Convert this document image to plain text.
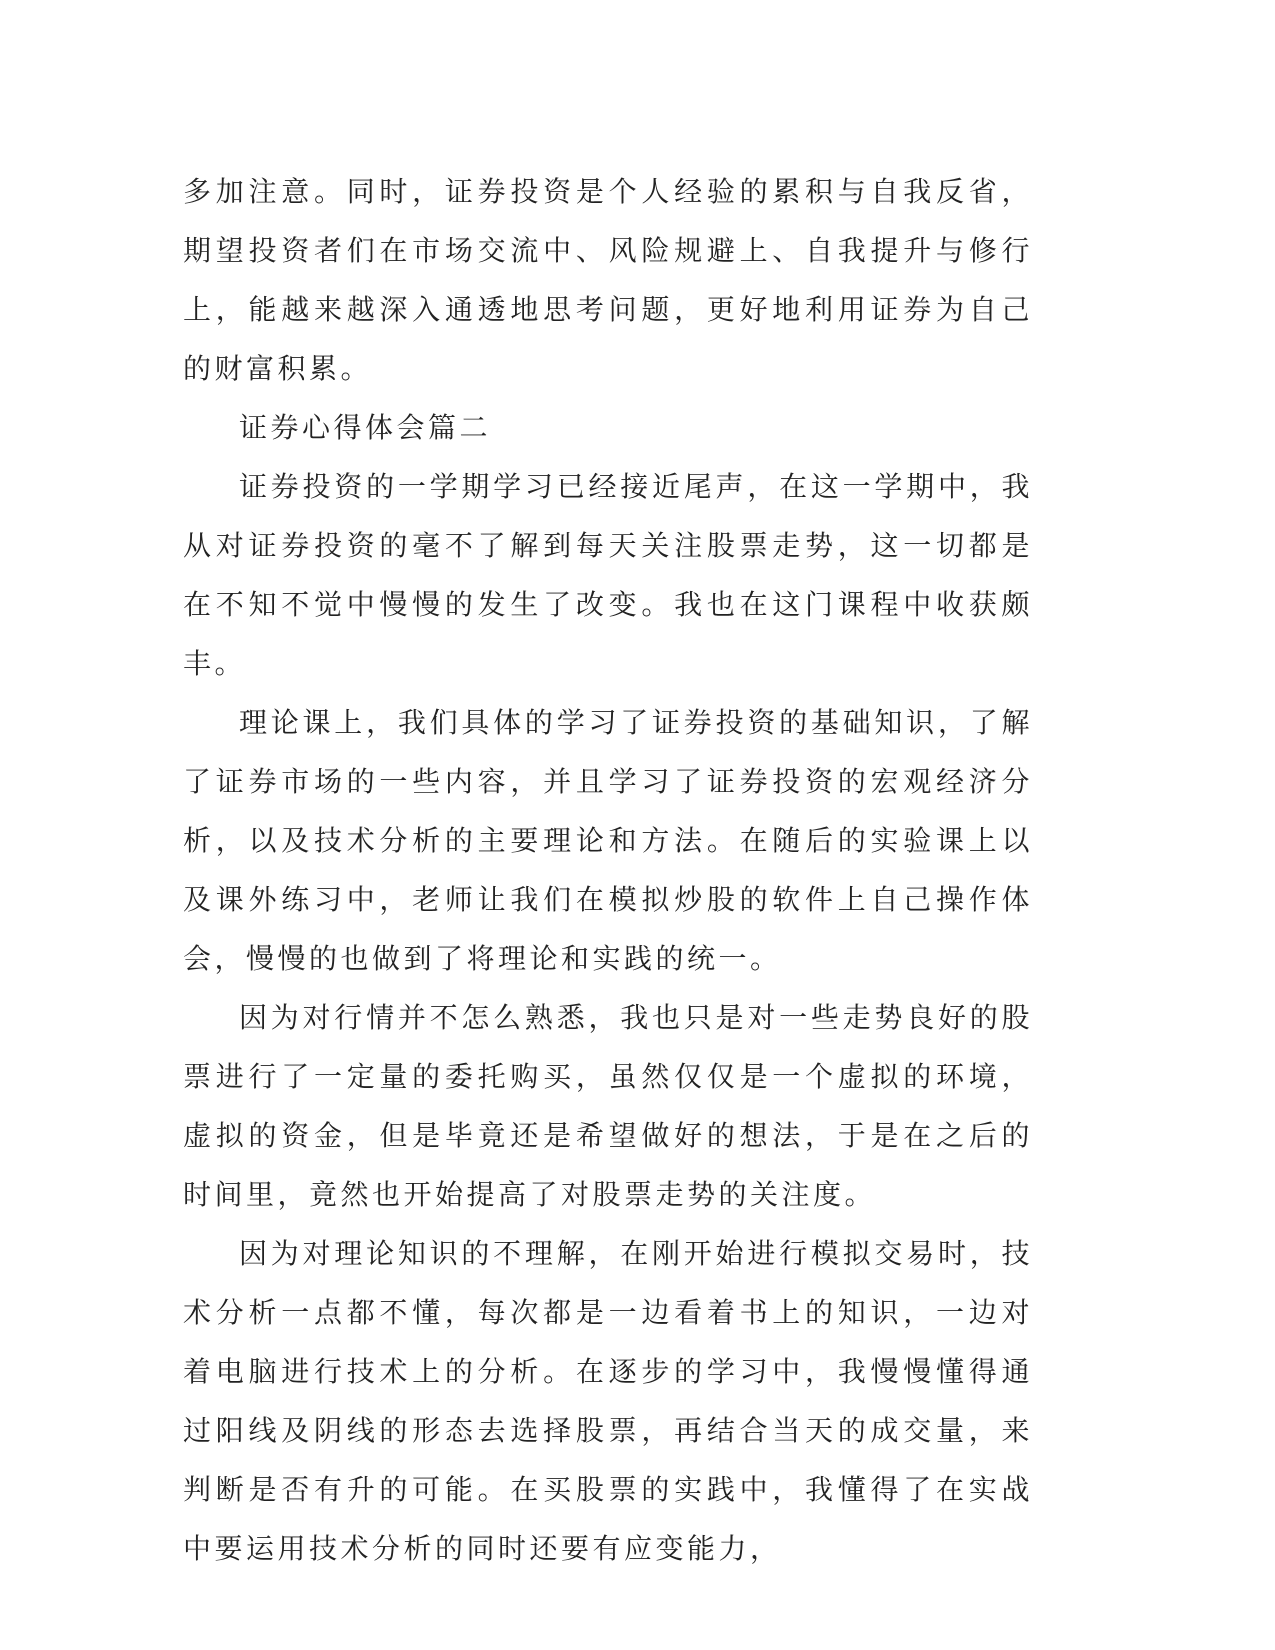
多加注意。同时，证券投资是个人经验的累积与自我反省，期望投资者们在市场交流中、风险规避上、自我提升与修行上，能越来越深入通透地思考问题，更好地利用证券为自己的财富积累。

证券心得体会篇二

证券投资的一学期学习已经接近尾声，在这一学期中，我从对证券投资的毫不了解到每天关注股票走势，这一切都是在不知不觉中慢慢的发生了改变。我也在这门课程中收获颇丰。

理论课上，我们具体的学习了证券投资的基础知识，了解了证券市场的一些内容，并且学习了证券投资的宏观经济分析，以及技术分析的主要理论和方法。在随后的实验课上以及课外练习中，老师让我们在模拟炒股的软件上自己操作体会，慢慢的也做到了将理论和实践的统一。

因为对行情并不怎么熟悉，我也只是对一些走势良好的股票进行了一定量的委托购买，虽然仅仅是一个虚拟的环境，虚拟的资金，但是毕竟还是希望做好的想法，于是在之后的时间里，竟然也开始提高了对股票走势的关注度。

因为对理论知识的不理解，在刚开始进行模拟交易时，技术分析一点都不懂，每次都是一边看着书上的知识，一边对着电脑进行技术上的分析。在逐步的学习中，我慢慢懂得通过阳线及阴线的形态去选择股票，再结合当天的成交量，来判断是否有升的可能。在买股票的实践中，我懂得了在实战中要运用技术分析的同时还要有应变能力，
